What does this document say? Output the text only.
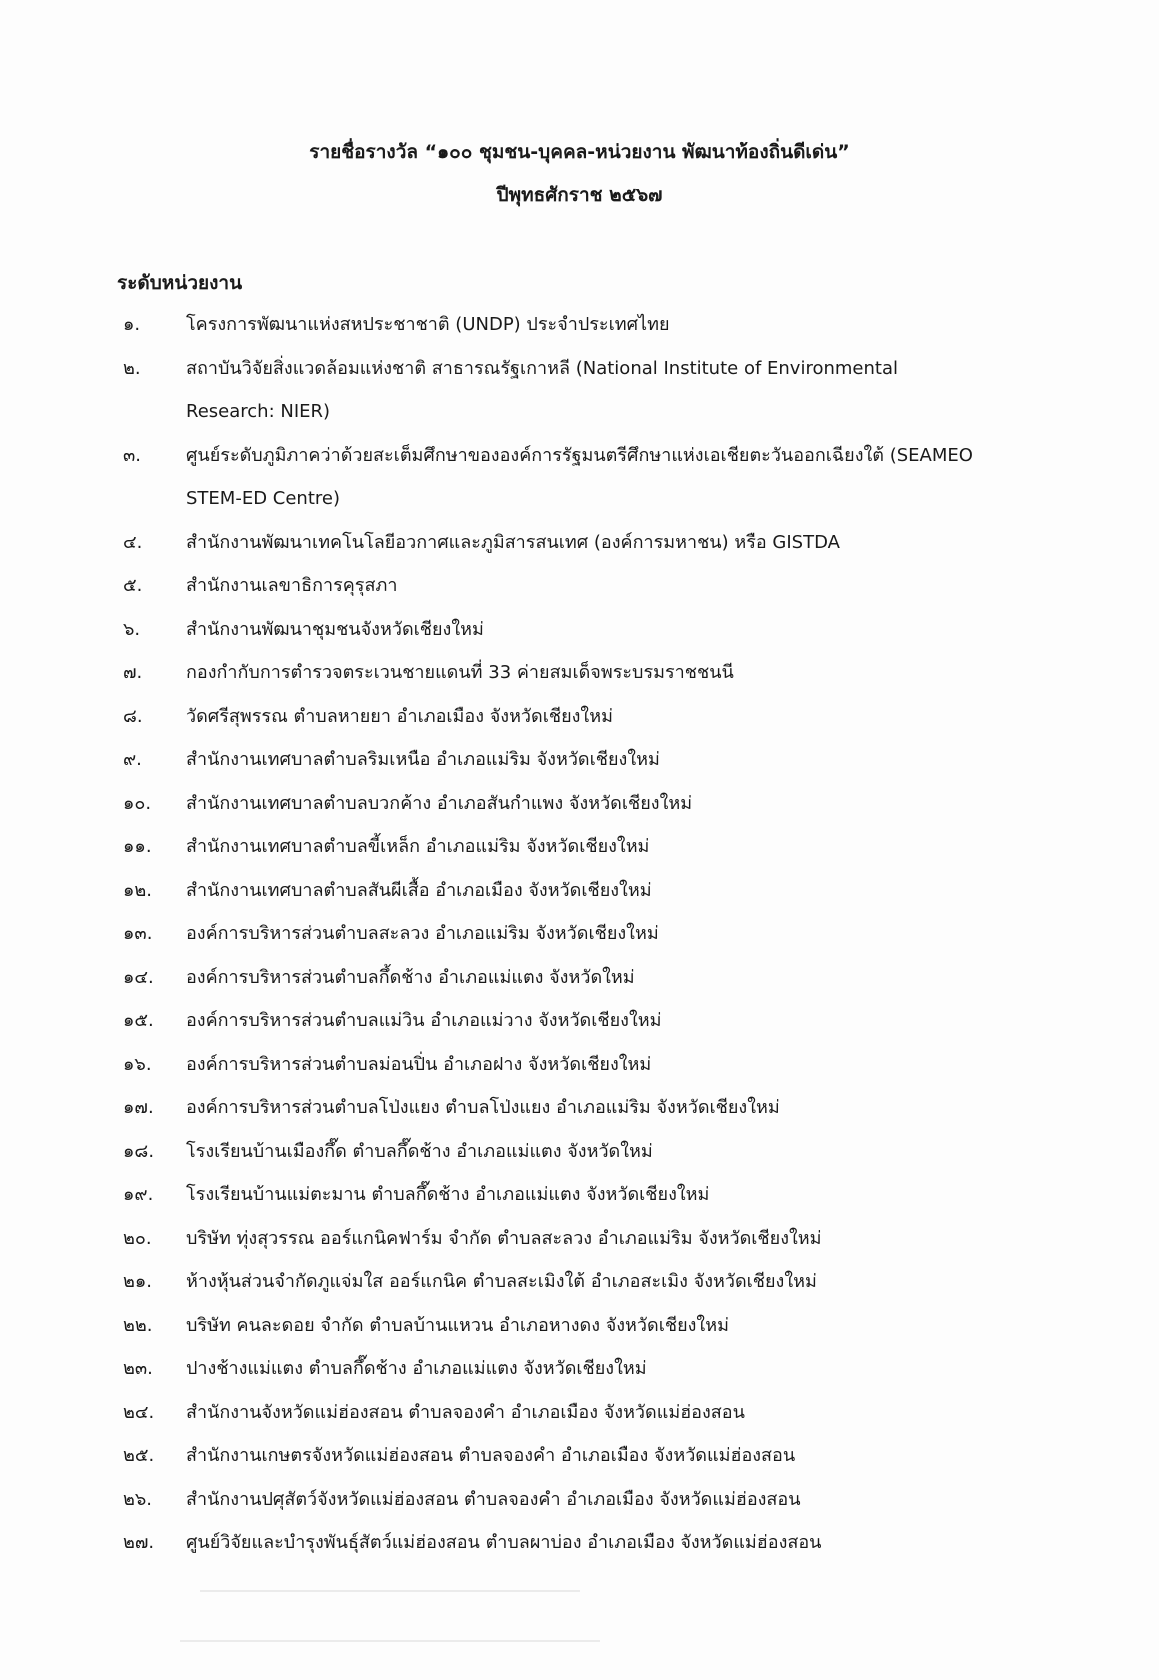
รายชื่อรางวัล “๑๐๐ ชุมชน-บุคคล-หน่วยงาน พัฒนาท้องถิ่นดีเด่น”
ปีพุทธศักราช ๒๕๖๗
ระดับหน่วยงาน
๑.	โครงการพัฒนาแห่งสหประชาชาติ (UNDP) ประจำประเทศไทย
๒.	สถาบันวิจัยสิ่งแวดล้อมแห่งชาติ สาธารณรัฐเกาหลี (National Institute of Environmental Research: NIER)
๓.	ศูนย์ระดับภูมิภาคว่าด้วยสะเต็มศึกษาขององค์การรัฐมนตรีศึกษาแห่งเอเชียตะวันออกเฉียงใต้ (SEAMEO STEM-ED Centre)
๔.	สำนักงานพัฒนาเทคโนโลยีอวกาศและภูมิสารสนเทศ (องค์การมหาชน) หรือ GISTDA
๕.	สำนักงานเลขาธิการคุรุสภา
๖.	สำนักงานพัฒนาชุมชนจังหวัดเชียงใหม่
๗.	กองกำกับการตำรวจตระเวนชายแดนที่ 33 ค่ายสมเด็จพระบรมราชชนนี
๘.	วัดศรีสุพรรณ ตำบลหายยา อำเภอเมือง จังหวัดเชียงใหม่
๙.	สำนักงานเทศบาลตำบลริมเหนือ อำเภอแม่ริม จังหวัดเชียงใหม่
๑๐.	สำนักงานเทศบาลตำบลบวกค้าง อำเภอสันกำแพง จังหวัดเชียงใหม่
๑๑.	สำนักงานเทศบาลตำบลขี้เหล็ก อำเภอแม่ริม จังหวัดเชียงใหม่
๑๒.	สำนักงานเทศบาลตำบลสันผีเสื้อ อำเภอเมือง จังหวัดเชียงใหม่
๑๓.	องค์การบริหารส่วนตำบลสะลวง อำเภอแม่ริม จังหวัดเชียงใหม่
๑๔.	องค์การบริหารส่วนตำบลกึ้ดช้าง อำเภอแม่แตง จังหวัดใหม่
๑๕.	องค์การบริหารส่วนตำบลแม่วิน อำเภอแม่วาง จังหวัดเชียงใหม่
๑๖.	องค์การบริหารส่วนตำบลม่อนปิ่น อำเภอฝาง จังหวัดเชียงใหม่
๑๗.	องค์การบริหารส่วนตำบลโป่งแยง ตำบลโป่งแยง อำเภอแม่ริม จังหวัดเชียงใหม่
๑๘.	โรงเรียนบ้านเมืองกึ๊ด ตำบลกึ๊ดช้าง อำเภอแม่แตง จังหวัดใหม่
๑๙.	โรงเรียนบ้านแม่ตะมาน ตำบลกึ๊ดช้าง อำเภอแม่แตง จังหวัดเชียงใหม่
๒๐.	บริษัท ทุ่งสุวรรณ ออร์แกนิคฟาร์ม จำกัด ตำบลสะลวง อำเภอแม่ริม จังหวัดเชียงใหม่
๒๑.	ห้างหุ้นส่วนจำกัดภูแจ่มใส ออร์แกนิค ตำบลสะเมิงใต้ อำเภอสะเมิง จังหวัดเชียงใหม่
๒๒.	บริษัท คนละดอย จำกัด ตำบลบ้านแหวน อำเภอหางดง จังหวัดเชียงใหม่
๒๓.	ปางช้างแม่แตง ตำบลกึ๊ดช้าง อำเภอแม่แตง จังหวัดเชียงใหม่
๒๔.	สำนักงานจังหวัดแม่ฮ่องสอน ตำบลจองคำ อำเภอเมือง จังหวัดแม่ฮ่องสอน
๒๕.	สำนักงานเกษตรจังหวัดแม่ฮ่องสอน ตำบลจองคำ อำเภอเมือง จังหวัดแม่ฮ่องสอน
๒๖.	สำนักงานปศุสัตว์จังหวัดแม่ฮ่องสอน ตำบลจองคำ อำเภอเมือง จังหวัดแม่ฮ่องสอน
๒๗.	ศูนย์วิจัยและบำรุงพันธุ์สัตว์แม่ฮ่องสอน ตำบลผาบ่อง อำเภอเมือง จังหวัดแม่ฮ่องสอน
